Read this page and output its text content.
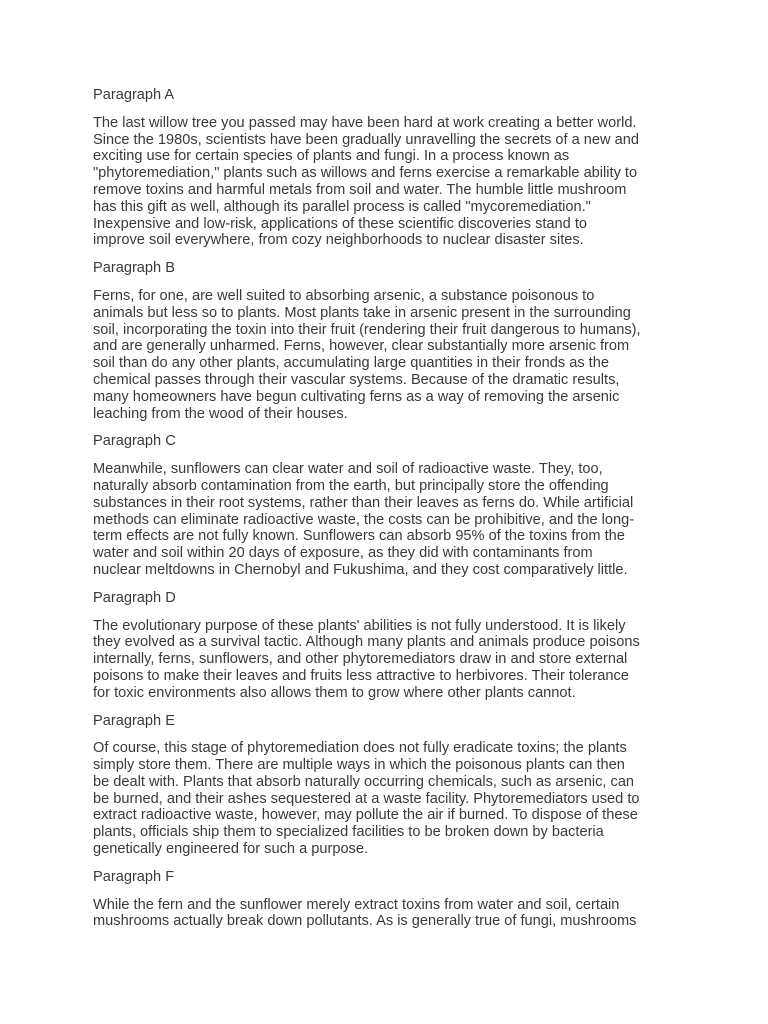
Paragraph A
The last willow tree you passed may have been hard at work creating a better world.
Since the 1980s, scientists have been gradually unravelling the secrets of a new and
exciting use for certain species of plants and fungi. In a process known as
"phytoremediation," plants such as willows and ferns exercise a remarkable ability to
remove toxins and harmful metals from soil and water. The humble little mushroom
has this gift as well, although its parallel process is called "mycoremediation."
Inexpensive and low-risk, applications of these scientific discoveries stand to
improve soil everywhere, from cozy neighborhoods to nuclear disaster sites.
Paragraph B
Ferns, for one, are well suited to absorbing arsenic, a substance poisonous to
animals but less so to plants. Most plants take in arsenic present in the surrounding
soil, incorporating the toxin into their fruit (rendering their fruit dangerous to humans),
and are generally unharmed. Ferns, however, clear substantially more arsenic from
soil than do any other plants, accumulating large quantities in their fronds as the
chemical passes through their vascular systems. Because of the dramatic results,
many homeowners have begun cultivating ferns as a way of removing the arsenic
leaching from the wood of their houses.
Paragraph C
Meanwhile, sunflowers can clear water and soil of radioactive waste. They, too,
naturally absorb contamination from the earth, but principally store the offending
substances in their root systems, rather than their leaves as ferns do. While artificial
methods can eliminate radioactive waste, the costs can be prohibitive, and the long-
term effects are not fully known. Sunflowers can absorb 95% of the toxins from the
water and soil within 20 days of exposure, as they did with contaminants from
nuclear meltdowns in Chernobyl and Fukushima, and they cost comparatively little.
Paragraph D
The evolutionary purpose of these plants' abilities is not fully understood. It is likely
they evolved as a survival tactic. Although many plants and animals produce poisons
internally, ferns, sunflowers, and other phytoremediators draw in and store external
poisons to make their leaves and fruits less attractive to herbivores. Their tolerance
for toxic environments also allows them to grow where other plants cannot.
Paragraph E
Of course, this stage of phytoremediation does not fully eradicate toxins; the plants
simply store them. There are multiple ways in which the poisonous plants can then
be dealt with. Plants that absorb naturally occurring chemicals, such as arsenic, can
be burned, and their ashes sequestered at a waste facility. Phytoremediators used to
extract radioactive waste, however, may pollute the air if burned. To dispose of these
plants, officials ship them to specialized facilities to be broken down by bacteria
genetically engineered for such a purpose.
Paragraph F
While the fern and the sunflower merely extract toxins from water and soil, certain
mushrooms actually break down pollutants. As is generally true of fungi, mushrooms
